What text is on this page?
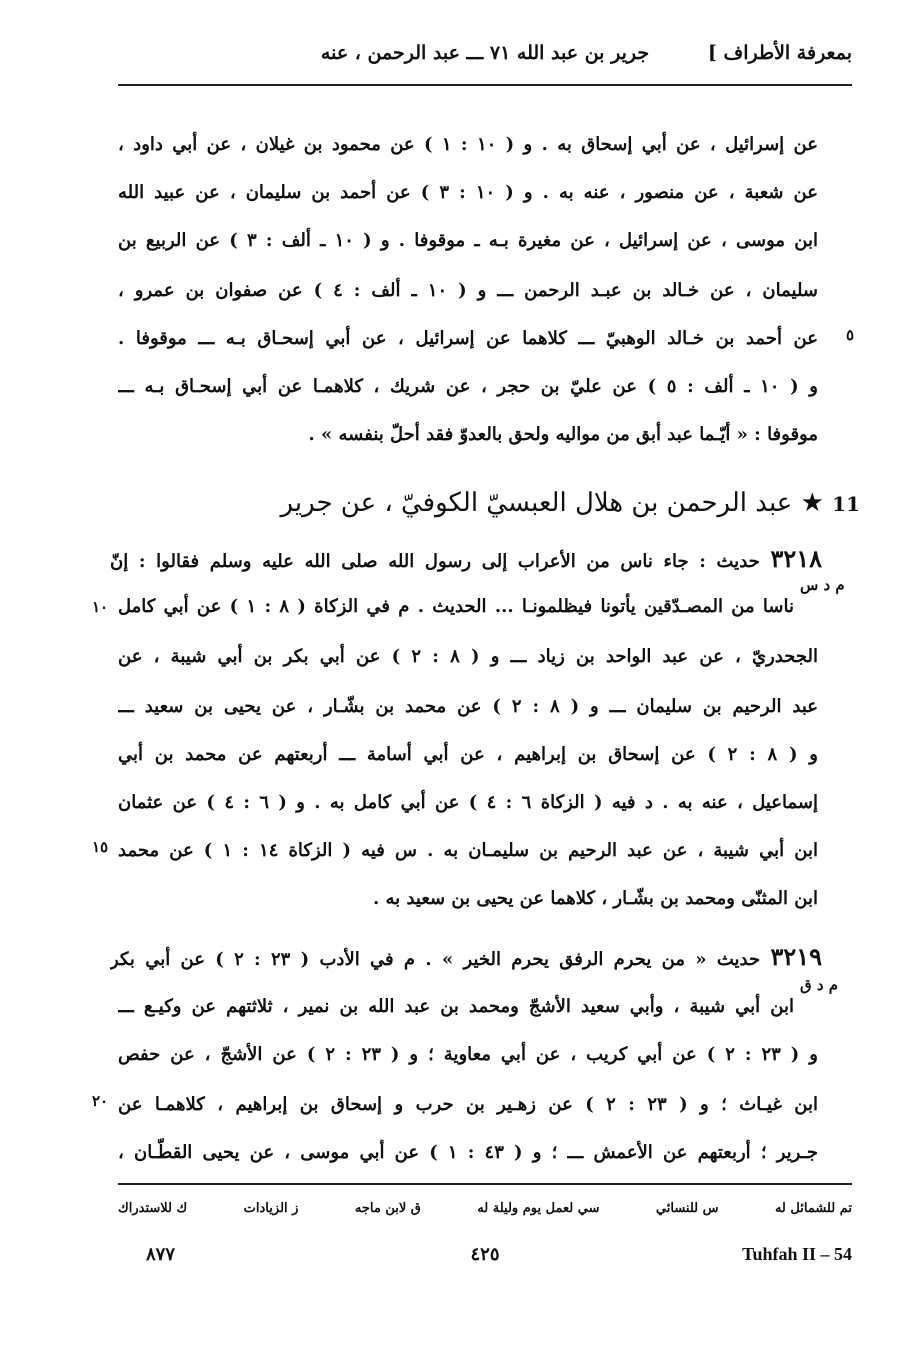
بمعرفة الأطراف ]
جرير بن عبد الله ٧١ ـــ عبد الرحمن ، عنه
عن إسرائيل ، عن أبي إسحاق به . و ( ١٠ : ١ ) عن محمود بن غيلان ، عن أبي داود ،
عن شعبة ، عن منصور ، عنه به . و ( ١٠ : ٣ ) عن أحمد بن سليمان ، عن عبيد الله
ابن موسى ، عن إسرائيل ، عن مغيرة بـه ـ موقوفا . و ( ١٠ ـ ألف : ٣ ) عن الربيع بن
سليمان ، عن خـالد بن عبـد الرحمن ـــ و ( ١٠ ـ ألف : ٤ ) عن صفوان بن عمرو ،
عن أحمد بن خـالد الوهبيّ ـــ كلاهما عن إسرائيل ، عن أبي إسحـاق بـه ـــ موقوفا .
و ( ١٠ ـ ألف : ٥ ) عن عليّ بن حجر ، عن شريك ، كلاهمـا عن أبي إسحـاق بـه ـــ
موقوفا : « أيّـما عبد أبق من مواليه ولحق بالعدوّ فقد أحلّ بنفسه » .
٥
11 ★ عبد الرحمن بن هلال العبسيّ الكوفيّ ، عن جرير
٣٢١٨ حديث : جاء ناس من الأعراب إلى رسول الله صلى الله عليه وسلم فقالوا : إنّ
م د س
ناسا من المصـدّقين يأتونا فيظلمونـا ... الحديث . م في الزكاة ( ٨ : ١ ) عن أبي كامل
الجحدريّ ، عن عبد الواحد بن زياد ـــ و ( ٨ : ٢ ) عن أبي بكر بن أبي شيبة ، عن
عبد الرحيم بن سليمان ـــ و ( ٨ : ٢ ) عن محمد بن بشّـار ، عن يحيى بن سعيد ـــ
و ( ٨ : ٢ ) عن إسحاق بن إبراهيم ، عن أبي أسامة ـــ أربعتهم عن محمد بن أبي
إسماعيل ، عنه به . د فيه ( الزكاة ٦ : ٤ ) عن أبي كامل به . و ( ٦ : ٤ ) عن عثمان
ابن أبي شيبة ، عن عبد الرحيم بن سليمـان به . س فيه ( الزكاة ١٤ : ١ ) عن محمد
ابن المثنّى ومحمد بن بشّـار ، كلاهما عن يحيى بن سعيد به .
١٠
١٥
٣٢١٩ حديث « من يحرم الرفق يحرم الخير » . م في الأدب ( ٢٣ : ٢ ) عن أبي بكر
م د ق
ابن أبي شيبة ، وأبي سعيد الأشجّ ومحمد بن عبد الله بن نمير ، ثلاثتهم عن وكيـع ـــ
و ( ٢٣ : ٢ ) عن أبي كريب ، عن أبي معاوية ؛ و ( ٢٣ : ٢ ) عن الأشجّ ، عن حفص
ابن غيـاث ؛ و ( ٢٣ : ٢ ) عن زهـير بن حرب و إسحاق بن إبراهيم ، كلاهمـا عن
جـرير ؛ أربعتهم عن الأعمش ـــ ؛ و ( ٤٣ : ١ ) عن أبي موسى ، عن يحيى القطّـان ،
٢٠
تم للشمائل له
س للنسائي
سي لعمل يوم وليلة له
ق لابن ماجه
ز الزيادات
ك للاستدراك
٨٧٧	٤٢٥	Tuhfah II – 54
